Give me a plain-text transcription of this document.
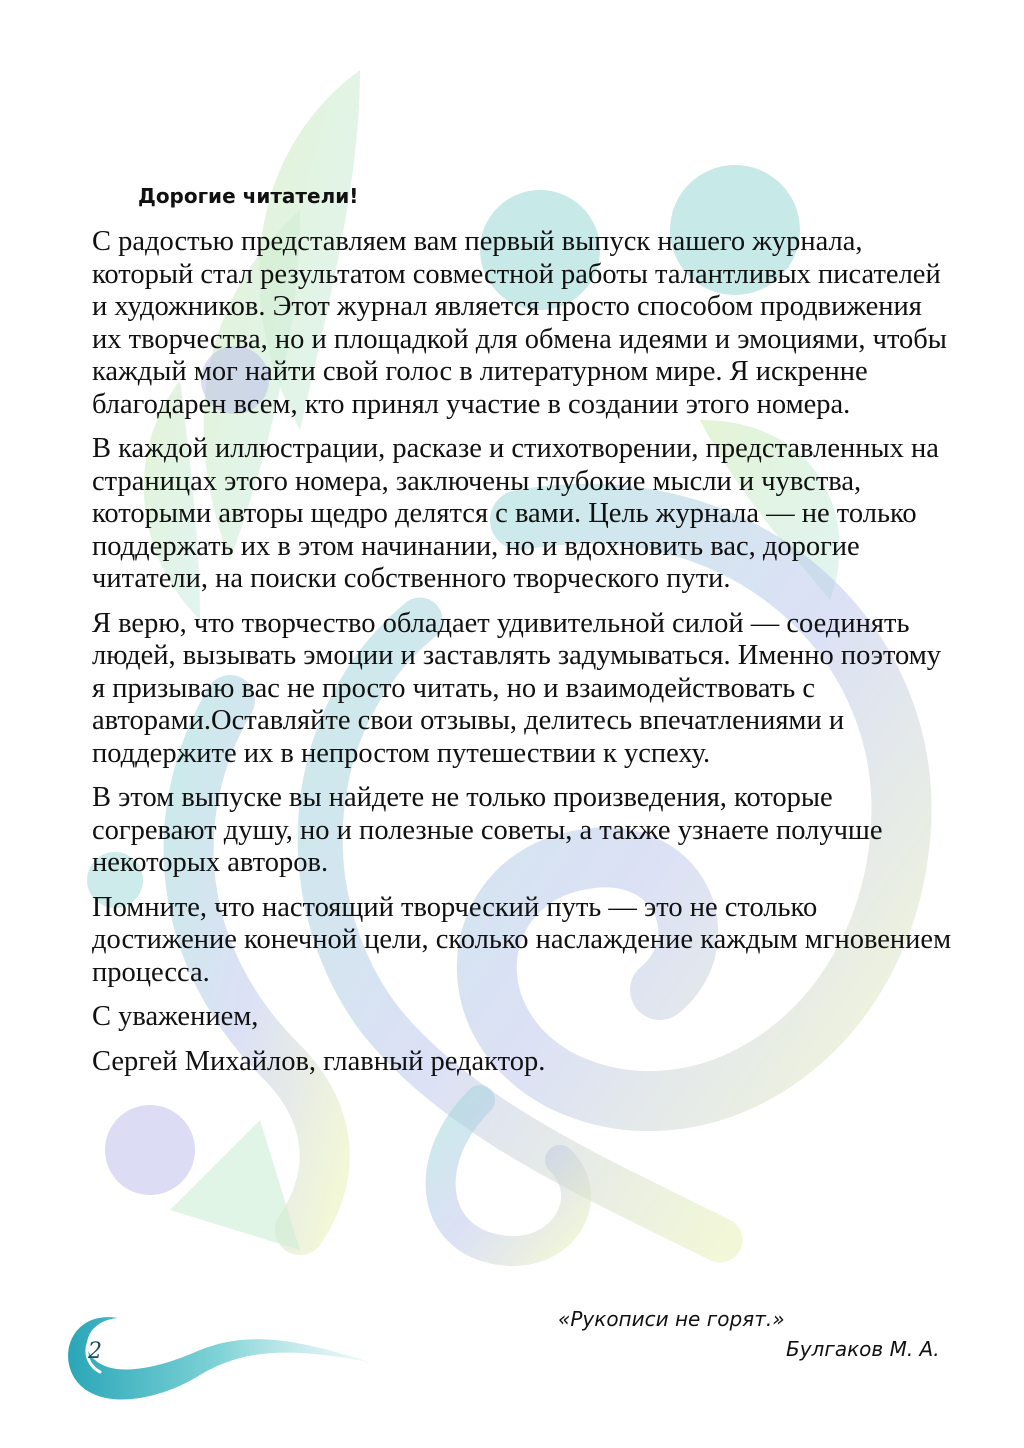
Дорогие читатели!

С радостью представляем вам первый выпуск нашего журнала, который стал результатом совместной работы талантливых писателей и художников. Этот журнал является просто способом продвижения их творчества, но и площадкой для обмена идеями и эмоциями, чтобы каждый мог найти свой голос в литературном мире. Я искренне благодарен всем, кто принял участие в создании этого номера.

В каждой иллюстрации, расказе и стихотворении, представленных на страницах этого номера, заключены глубокие мысли и чувства, которыми авторы щедро делятся с вами. Цель журнала — не только поддержать их в этом начинании, но и вдохновить вас, дорогие читатели, на поиски собственного творческого пути.

Я верю, что творчество обладает удивительной силой — соединять людей, вызывать эмоции и заставлять задумываться. Именно поэтому я призываю вас не просто читать, но и взаимодействовать с авторами.Оставляйте свои отзывы, делитесь впечатлениями и поддержите их в непростом путешествии к успеху.

В этом выпуске вы найдете не только произведения, которые согревают душу, но и полезные советы, а также узнаете получше некоторых авторов.

Помните, что настоящий творческий путь — это не столько достижение конечной цели, сколько наслаждение каждым мгновением процесса.

С уважением,

Сергей Михайлов, главный редактор.

2

«Рукописи не горят.»

Булгаков М. А.
